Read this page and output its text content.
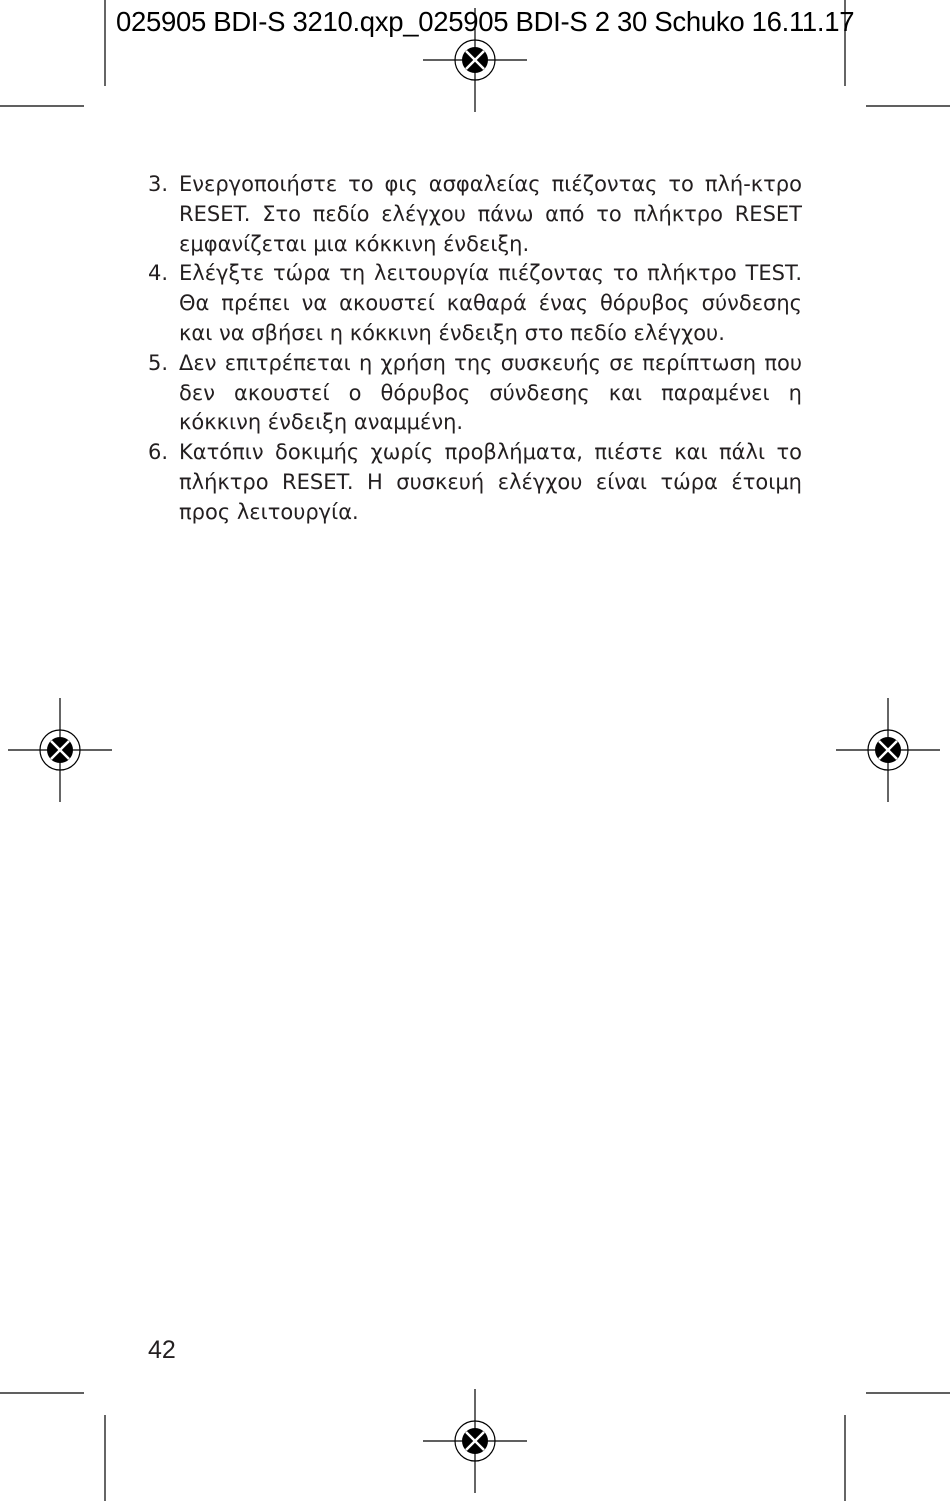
025905 BDI-S 3210.qxp_025905 BDI-S 2 30 Schuko 16.11.17
3. Ενεργοποιήστε το φις ασφαλείας πιέζοντας το πλή-κτρο RESET. Στο πεδίο ελέγχου πάνω από το πλήκτρο RESET εμφανίζεται μια κόκκινη ένδειξη.
4. Ελέγξτε τώρα τη λειτουργία πιέζοντας το πλήκτρο TEST. Θα πρέπει να ακουστεί καθαρά ένας θόρυβος σύνδεσης και να σβήσει η κόκκινη ένδειξη στο πεδίο ελέγχου.
5. Δεν επιτρέπεται η χρήση της συσκευής σε περίπτωση που δεν ακουστεί ο θόρυβος σύνδεσης και παραμένει η κόκκινη ένδειξη αναμμένη.
6. Κατόπιν δοκιμής χωρίς προβλήματα, πιέστε και πάλι το πλήκτρο RESET. Η συσκευή ελέγχου είναι τώρα έτοιμη προς λειτουργία.
42
